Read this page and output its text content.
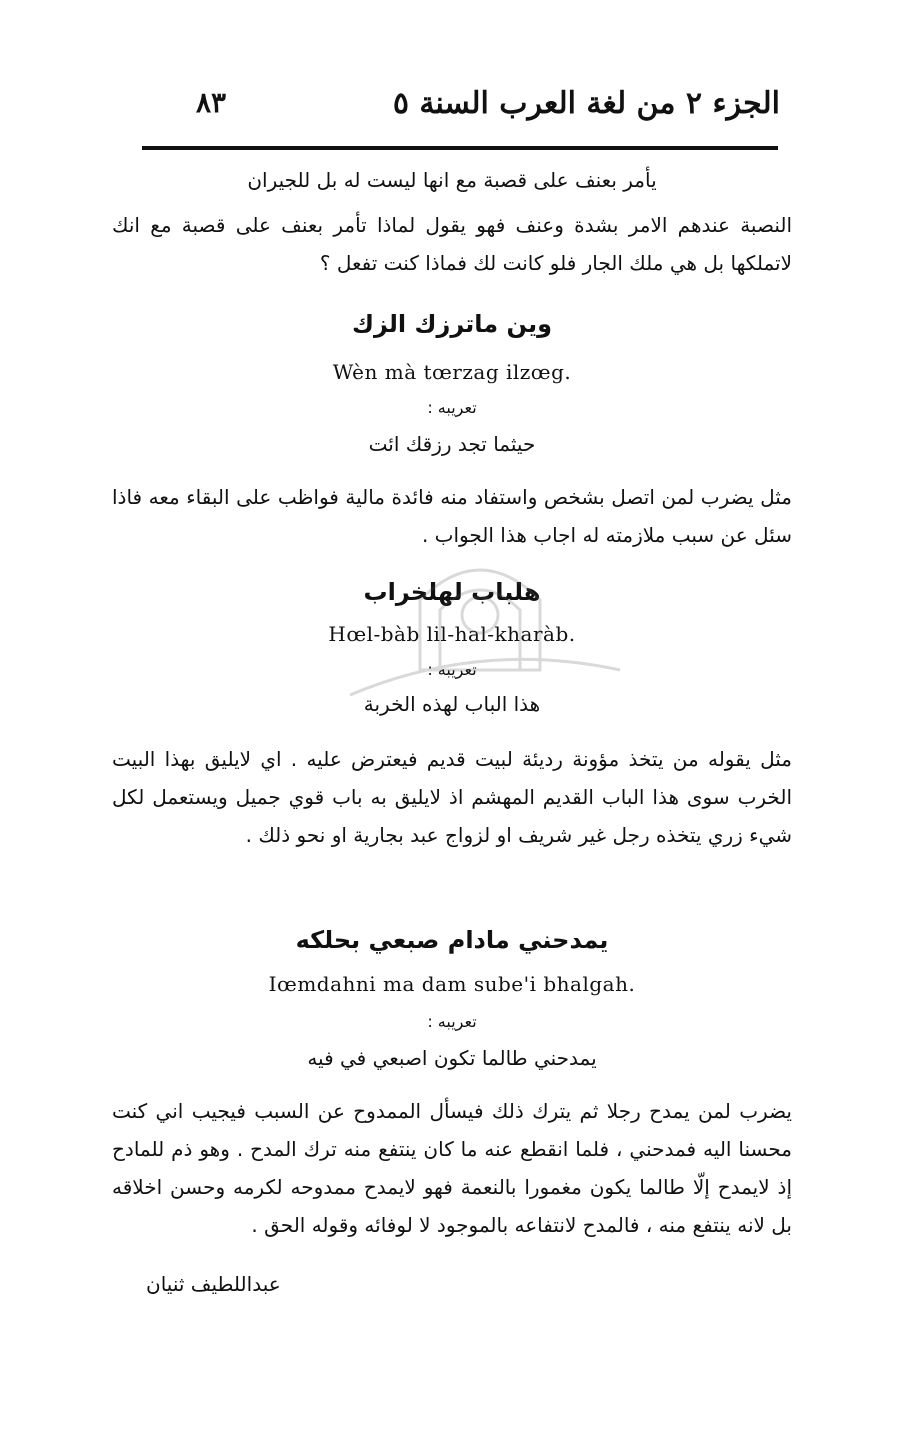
الجزء ٢ من لغة العرب السنة ٥
٨٣
يأمر بعنف على قصبة مع انها ليست له بل للجيران
النصبة عندهم الامر بشدة وعنف فهو يقول لماذا تأمر بعنف على قصبة مع انك لاتملكها بل هي ملك الجار فلو كانت لك فماذا كنت تفعل ؟
وين ماترزك الزك
Wèn mà tœrzag ilzœg.
تعريبه :
حيثما تجد رزقك ائت
مثل يضرب لمن اتصل بشخص واستفاد منه فائدة مالية فواظب على البقاء معه فاذا سئل عن سبب ملازمته له اجاب هذا الجواب .
هلباب لهلخراب
Hœl-bàb lil-hal-kharàb.
تعريبه :
هذا الباب لهذه الخربة
مثل يقوله من يتخذ مؤونة رديئة لبيت قديم فيعترض عليه . اي لايليق بهذا البيت الخرب سوى هذا الباب القديم المهشم اذ لايليق به باب قوي جميل ويستعمل لكل شيء زري يتخذه رجل غير شريف او لزواج عبد بجارية او نحو ذلك .
يمدحني مادام صبعي بحلكه
Iœmdahni ma dam sube'i bhalgah.
تعريبه :
يمدحني طالما تكون اصبعي في فيه
يضرب لمن يمدح رجلا ثم يترك ذلك فيسأل الممدوح عن السبب فيجيب اني كنت محسنا اليه فمدحني ، فلما انقطع عنه ما كان ينتفع منه ترك المدح . وهو ذم للمادح إذ لايمدح إلّا طالما يكون مغمورا بالنعمة فهو لايمدح ممدوحه لكرمه وحسن اخلاقه بل لانه ينتفع منه ، فالمدح لانتفاعه بالموجود لا لوفائه وقوله الحق .
عبداللطيف ثنيان
